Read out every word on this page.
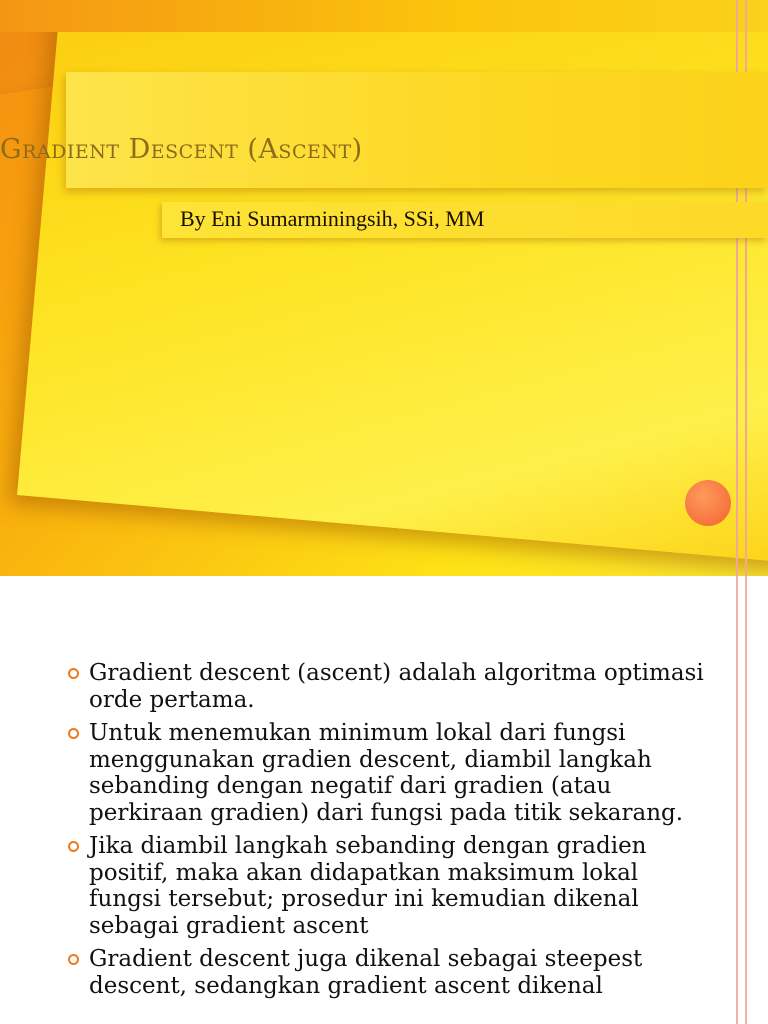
Gradient Descent (Ascent)
By Eni Sumarminingsih, SSi, MM
Gradient descent (ascent) adalah algoritma optimasi orde pertama.
Untuk menemukan minimum lokal dari fungsi menggunakan gradien descent, diambil langkah sebanding dengan negatif dari gradien (atau perkiraan gradien) dari fungsi pada titik sekarang.
Jika diambil langkah sebanding dengan gradien positif, maka akan didapatkan maksimum lokal fungsi tersebut; prosedur ini kemudian dikenal sebagai gradient ascent
Gradient descent juga dikenal sebagai steepest descent, sedangkan gradient ascent dikenal
